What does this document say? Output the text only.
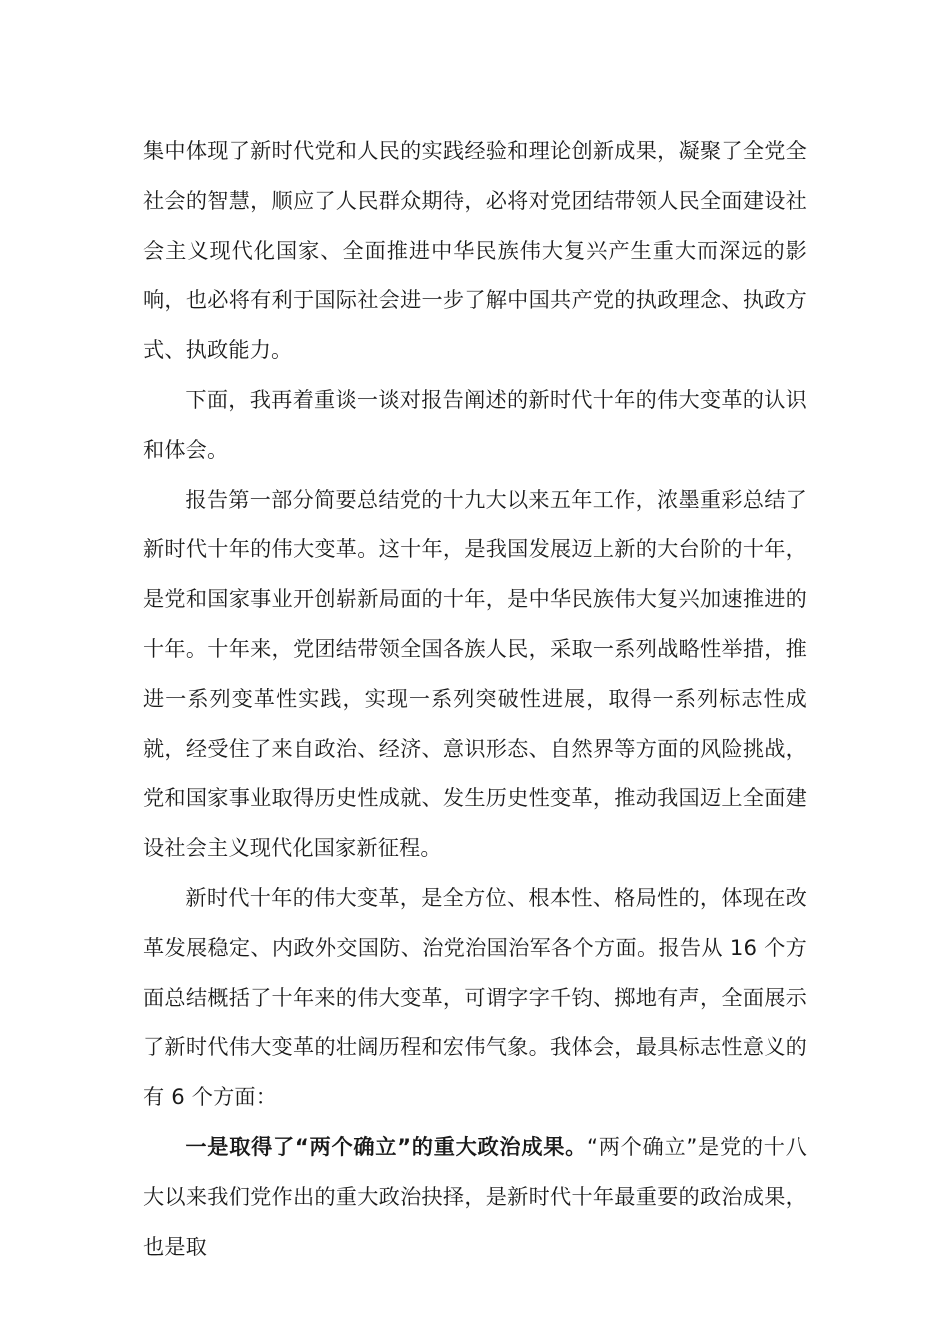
集中体现了新时代党和人民的实践经验和理论创新成果，凝聚了全党全社会的智慧，顺应了人民群众期待，必将对党团结带领人民全面建设社会主义现代化国家、全面推进中华民族伟大复兴产生重大而深远的影响，也必将有利于国际社会进一步了解中国共产党的执政理念、执政方式、执政能力。

下面，我再着重谈一谈对报告阐述的新时代十年的伟大变革的认识和体会。

报告第一部分简要总结党的十九大以来五年工作，浓墨重彩总结了新时代十年的伟大变革。这十年，是我国发展迈上新的大台阶的十年，是党和国家事业开创崭新局面的十年，是中华民族伟大复兴加速推进的十年。十年来，党团结带领全国各族人民，采取一系列战略性举措，推进一系列变革性实践，实现一系列突破性进展，取得一系列标志性成就，经受住了来自政治、经济、意识形态、自然界等方面的风险挑战，党和国家事业取得历史性成就、发生历史性变革，推动我国迈上全面建设社会主义现代化国家新征程。

新时代十年的伟大变革，是全方位、根本性、格局性的，体现在改革发展稳定、内政外交国防、治党治国治军各个方面。报告从 16 个方面总结概括了十年来的伟大变革，可谓字字千钧、掷地有声，全面展示了新时代伟大变革的壮阔历程和宏伟气象。我体会，最具标志性意义的有 6 个方面：

一是取得了“两个确立”的重大政治成果。“两个确立”是党的十八大以来我们党作出的重大政治抉择，是新时代十年最重要的政治成果，也是取
